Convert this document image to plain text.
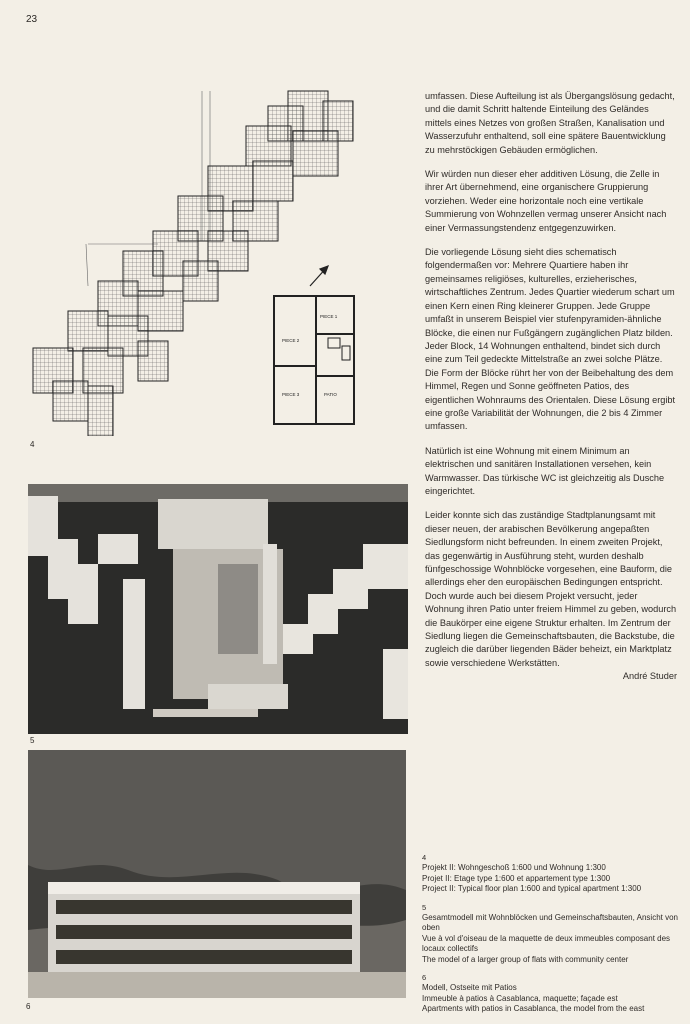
23
PIECE 1
PIECE 2
PIECE 3	PATIO
4
5
6

umfassen. Diese Aufteilung ist als Übergangslösung gedacht, und die damit Schritt haltende Einteilung des Geländes mittels eines Netzes von großen Straßen, Kanalisation und Wasserzufuhr enthaltend, soll eine spätere Bauentwicklung zu mehrstöckigen Gebäuden ermöglichen.

Wir würden nun dieser eher additiven Lösung, die Zelle in ihrer Art übernehmend, eine organischere Gruppierung vorziehen. Weder eine horizontale noch eine vertikale Summierung von Wohnzellen vermag unserer Ansicht nach einer Vermassungstendenz entgegenzuwirken.

Die vorliegende Lösung sieht dies schematisch folgendermaßen vor: Mehrere Quartiere haben ihr gemeinsames religiöses, kulturelles, erzieherisches, wirtschaftliches Zentrum. Jedes Quartier wiederum schart um einen Kern einen Ring kleinerer Gruppen. Jede Gruppe umfaßt in unserem Beispiel vier stufenpyramiden-ähnliche Blöcke, die einen nur Fußgängern zugänglichen Platz bilden. Jeder Block, 14 Wohnungen enthaltend, bindet sich durch eine zum Teil gedeckte Mittelstraße an zwei solche Plätze. Die Form der Blöcke rührt her von der Beibehaltung des dem Himmel, Regen und Sonne geöffneten Patios, des eigentlichen Wohnraums des Orientalen. Diese Lösung ergibt eine große Variabilität der Wohnungen, die 2 bis 4 Zimmer umfassen.

Natürlich ist eine Wohnung mit einem Minimum an elektrischen und sanitären Installationen versehen, kein Warmwasser. Das türkische WC ist gleichzeitig als Dusche eingerichtet.

Leider konnte sich das zuständige Stadtplanungsamt mit dieser neuen, der arabischen Bevölkerung angepaßten Siedlungsform nicht befreunden. In einem zweiten Projekt, das gegenwärtig in Ausführung steht, wurden deshalb fünfgeschossige Wohnblöcke vorgesehen, eine Bauform, die allerdings eher den europäischen Bedingungen entspricht. Doch wurde auch bei diesem Projekt versucht, jeder Wohnung ihren Patio unter freiem Himmel zu geben, wodurch die Baukörper eine eigene Struktur erhalten. Im Zentrum der Siedlung liegen die Gemeinschaftsbauten, die Backstube, die zugleich die darüber liegenden Bäder beheizt, ein Marktplatz sowie verschiedene Werkstätten.

André Studer
4
Projekt II: Wohngeschoß 1:600 und Wohnung 1:300
Projet II: Etage type 1:600 et appartement type 1:300
Project II: Typical floor plan 1:600 and typical apartment 1:300
5
Gesamtmodell mit Wohnblöcken und Gemeinschaftsbauten, Ansicht von oben
Vue à vol d'oiseau de la maquette de deux immeubles composant des locaux collectifs
The model of a larger group of flats with community center
6
Modell, Ostseite mit Patios
Immeuble à patios à Casablanca, maquette; façade est
Apartments with patios in Casablanca, the model from the east
